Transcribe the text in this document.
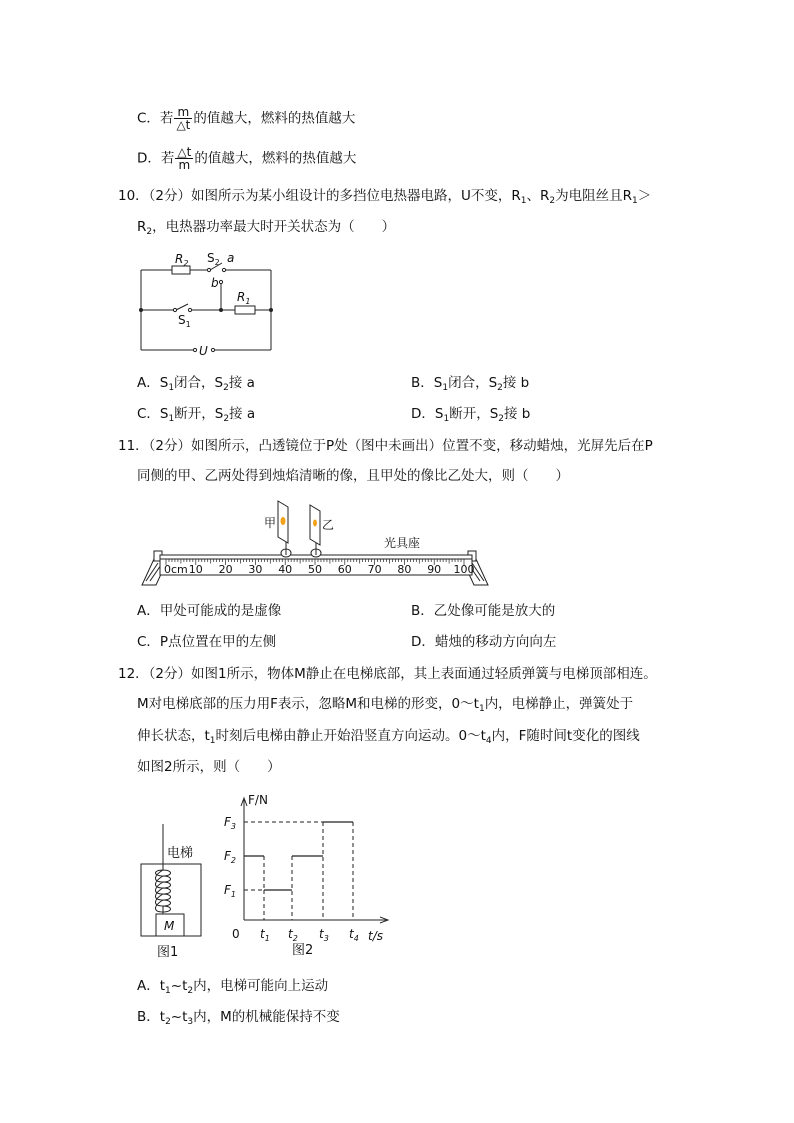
C．若 $\frac{m}{\triangle t}$ 的值越大，燃料的热值越大
D．若 $\frac{\triangle t}{m}$ 的值越大，燃料的热值越大
10．（2分）如图所示为某小组设计的多挡位电热器电路，U不变，$R_1$、$R_2$为电阻丝且$R_1>$
$R_2$，电热器功率最大时开关状态为（　　）
$R_2$ $S_2$ a
b
$R_1$
$S_1$
U
A．$S_1$闭合，$S_2$接 a	B．$S_1$闭合，$S_2$接 b
C．$S_1$断开，$S_2$接 a	D．$S_1$断开，$S_2$接 b
11．（2分）如图所示，凸透镜位于P处（图中未画出）位置不变，移动蜡烛，光屏先后在P
同侧的甲、乙两处得到烛焰清晰的像，且甲处的像比乙处大，则（　　）
0cm 10 20 30 40 50 60 70 80 90 100
甲	乙
光具座
A．甲处可能成的是虚像	B．乙处像可能是放大的
C．P点位置在甲的左侧	D．蜡烛的移动方向向左
12．（2分）如图1所示，物体M静止在电梯底部，其上表面通过轻质弹簧与电梯顶部相连。
M对电梯底部的压力用F表示，忽略M和电梯的形变，$0\sim t_1$内，电梯静止，弹簧处于
伸长状态，$t_1$时刻后电梯由静止开始沿竖直方向运动。$0\sim t_4$内，F随时间t变化的图线
如图2所示，则（　　）
电梯
M
图1
F/N
$F_3$
$F_2$
$F_1$
0 $t_1$ $t_2$ $t_3$ $t_4$ t/s
图2
A．$t_1\sim t_2$内，电梯可能向上运动
B．$t_2\sim t_3$内，M的机械能保持不变
